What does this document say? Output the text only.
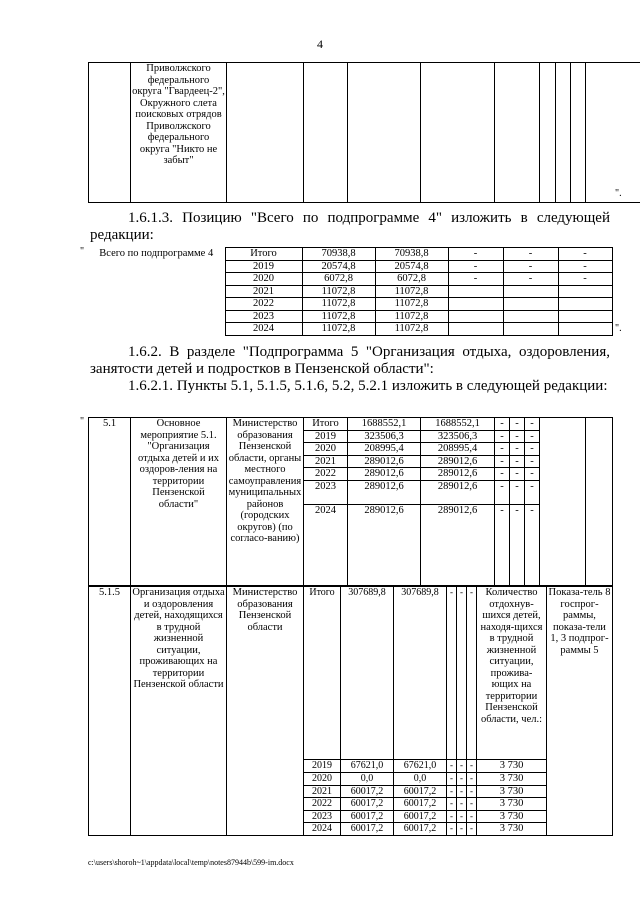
4
	Приволжского федерального округа "Гвардеец-2", Окружного слета поисковых отрядов Приволжского федерального округа "Никто не забыт"										
".
1.6.1.3. Позицию "Всего по подпрограмме 4" изложить в следующей редакции:
" Всего по подпрограмме 4	Итого	70938,8	70938,8	-	-	-
	2019	20574,8	20574,8	-	-	-
	2020	6072,8	6072,8	-	-	-
	2021	11072,8	11072,8			
	2022	11072,8	11072,8			
	2023	11072,8	11072,8			
	2024	11072,8	11072,8				".
1.6.2. В разделе "Подпрограмма 5 "Организация отдыха, оздоровления, занятости детей и подростков в Пензенской области":
1.6.2.1. Пункты 5.1, 5.1.5, 5.1.6, 5.2, 5.2.1 изложить в следующей редакции:
" 5.1	Основное мероприятие 5.1. "Организация отдыха детей и их оздоров-ления на территории Пензенской области"	Министерство образования Пензенской области, органы местного самоуправления муниципальных районов (городских округов) (по согласо-ванию)	Итого	1688552,1	1688552,1	-	-	-		
			2019	323506,3	323506,3	-	-	-		
			2020	208995,4	208995,4	-	-	-		
			2021	289012,6	289012,6	-	-	-		
			2022	289012,6	289012,6	-	-	-		
			2023	289012,6	289012,6	-	-	-		
			2024	289012,6	289012,6	-	-	-		
5.1.5	Организация отдыха и оздоровления детей, находящихся в трудной жизненной ситуации, проживающих на территории Пензенской области	Министерство образования Пензенской области	Итого	307689,8	307689,8	-	-	-	Количество отдохнув-шихся детей, находя-щихся в трудной жизненной ситуации, прожива-ющих на территории Пензенской области, чел.:	Показа-тель 8 госпрог-раммы, показа-тели 1, 3 подпрог-раммы 5
			2019	67621,0	67621,0	-	-	-	3 730	
			2020	0,0	0,0	-	-	-	3 730	
			2021	60017,2	60017,2	-	-	-	3 730	
			2022	60017,2	60017,2	-	-	-	3 730	
			2023	60017,2	60017,2	-	-	-	3 730	
			2024	60017,2	60017,2	-	-	-	3 730	
c:\users\shoroh~1\appdata\local\temp\notes87944b\599-im.docx
